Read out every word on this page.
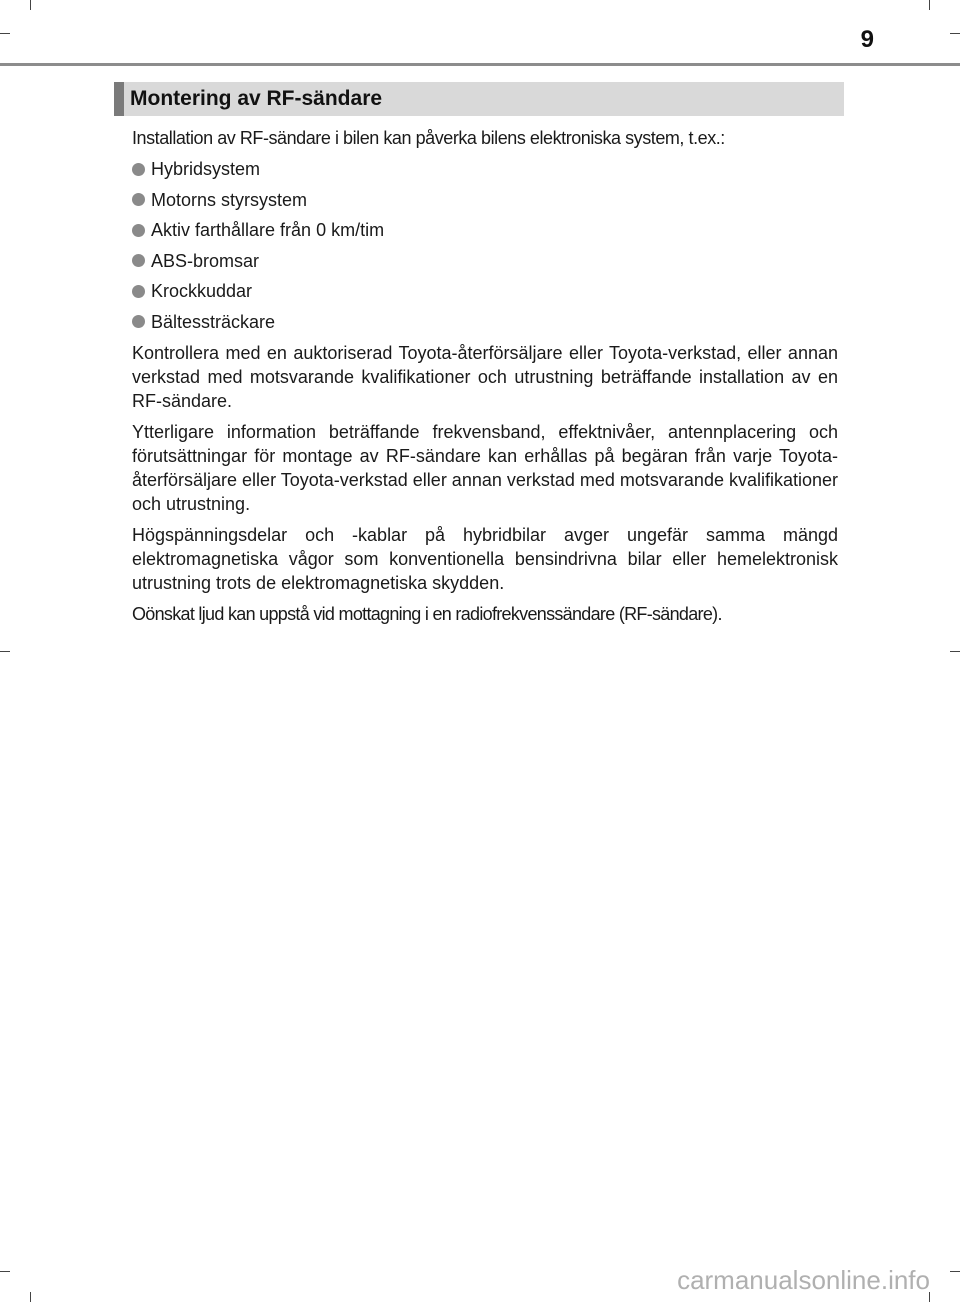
9
Montering av RF-sändare

Installation av RF-sändare i bilen kan påverka bilens elektroniska system, t.ex.:

Hybridsystem
Motorns styrsystem
Aktiv farthållare från 0 km/tim
ABS-bromsar
Krockkuddar
Bältessträckare

Kontrollera med en auktoriserad Toyota-återförsäljare eller Toyota-verkstad, eller annan verkstad med motsvarande kvalifikationer och utrustning beträffande installation av en RF-sändare.

Ytterligare information beträffande frekvensband, effektnivåer, antennplacering och förutsättningar för montage av RF-sändare kan erhållas på begäran från varje Toyota-återförsäljare eller Toyota-verkstad eller annan verkstad med motsvarande kvalifikationer och utrustning.

Högspänningsdelar och -kablar på hybridbilar avger ungefär samma mängd elektromagnetiska vågor som konventionella bensindrivna bilar eller hemelektronisk utrustning trots de elektromagnetiska skydden.

Oönskat ljud kan uppstå vid mottagning i en radiofrekvenssändare (RF-sändare).

carmanualsonline.info
